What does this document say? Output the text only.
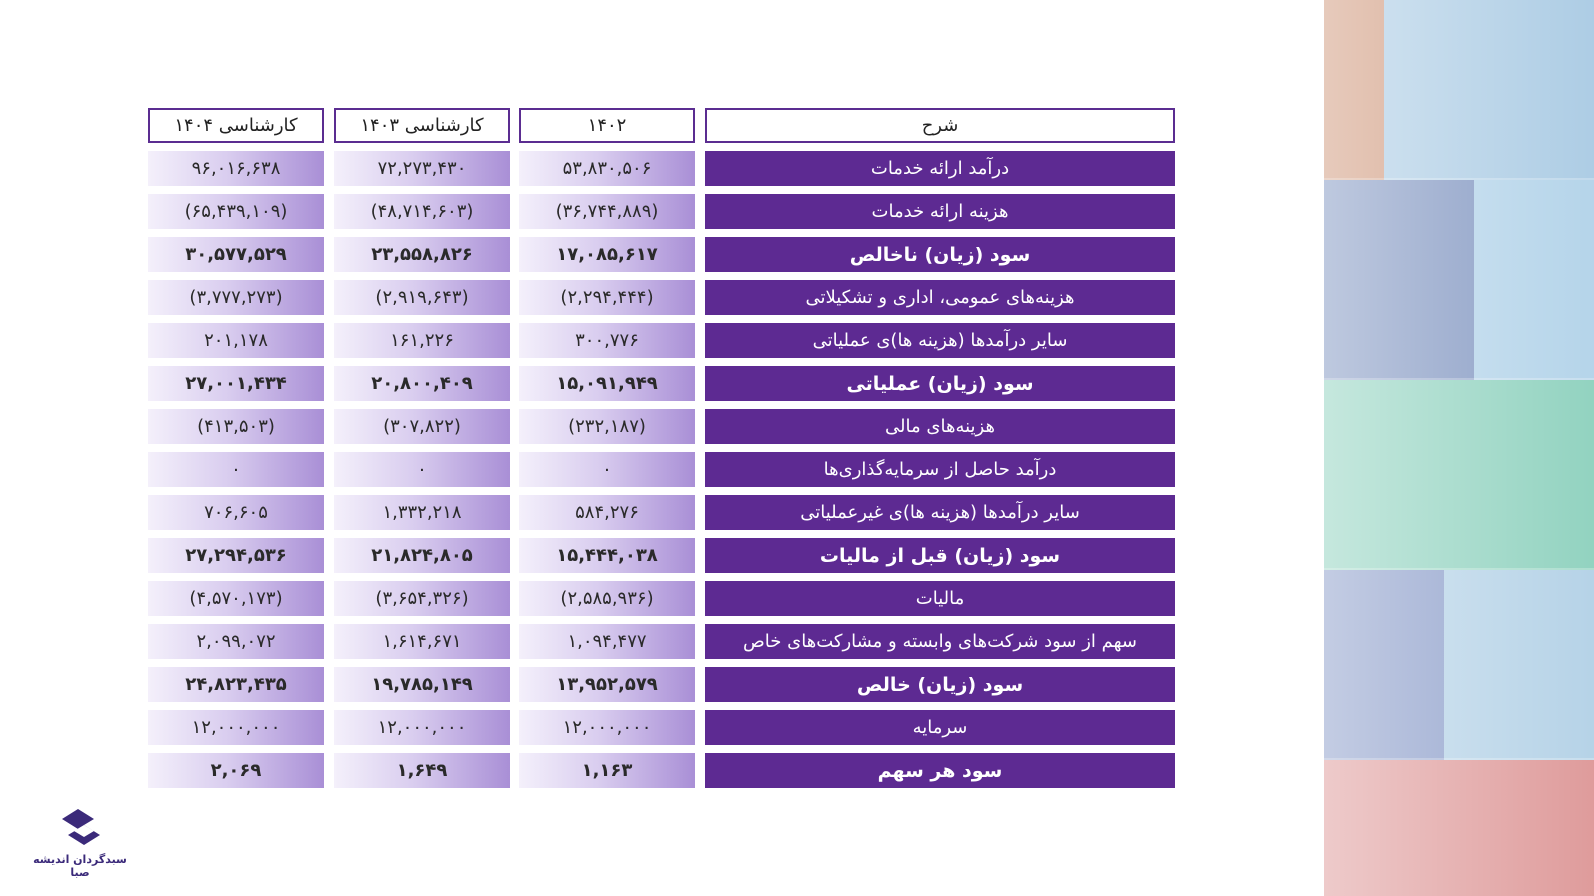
کارشناسی ۱۴۰۴	کارشناسی ۱۴۰۳	۱۴۰۲	شرح
۹۶,۰۱۶,۶۳۸	۷۲,۲۷۳,۴۳۰	۵۳,۸۳۰,۵۰۶	درآمد ارائه خدمات
(۶۵,۴۳۹,۱۰۹)	(۴۸,۷۱۴,۶۰۳)	(۳۶,۷۴۴,۸۸۹)	هزینه ارائه خدمات
۳۰,۵۷۷,۵۲۹	۲۳,۵۵۸,۸۲۶	۱۷,۰۸۵,۶۱۷	سود (زیان) ناخالص
(۳,۷۷۷,۲۷۳)	(۲,۹۱۹,۶۴۳)	(۲,۲۹۴,۴۴۴)	هزینه‌های عمومی، اداری و تشکیلاتی
۲۰۱,۱۷۸	۱۶۱,۲۲۶	۳۰۰,۷۷۶	سایر درآمدها (هزینه ها)ی عملیاتی
۲۷,۰۰۱,۴۳۴	۲۰,۸۰۰,۴۰۹	۱۵,۰۹۱,۹۴۹	سود (زیان) عملیاتی
(۴۱۳,۵۰۳)	(۳۰۷,۸۲۲)	(۲۳۲,۱۸۷)	هزینه‌های مالی
۰	۰	۰	درآمد حاصل از سرمایه‌گذاری‌ها
۷۰۶,۶۰۵	۱,۳۳۲,۲۱۸	۵۸۴,۲۷۶	سایر درآمدها (هزینه ها)ی غیرعملیاتی
۲۷,۲۹۴,۵۳۶	۲۱,۸۲۴,۸۰۵	۱۵,۴۴۴,۰۳۸	سود (زیان) قبل از مالیات
(۴,۵۷۰,۱۷۳)	(۳,۶۵۴,۳۲۶)	(۲,۵۸۵,۹۳۶)	مالیات
۲,۰۹۹,۰۷۲	۱,۶۱۴,۶۷۱	۱,۰۹۴,۴۷۷	سهم از سود شرکت‌های وابسته و مشارکت‌های خاص
۲۴,۸۲۳,۴۳۵	۱۹,۷۸۵,۱۴۹	۱۳,۹۵۲,۵۷۹	سود (زیان) خالص
۱۲,۰۰۰,۰۰۰	۱۲,۰۰۰,۰۰۰	۱۲,۰۰۰,۰۰۰	سرمایه
۲,۰۶۹	۱,۶۴۹	۱,۱۶۳	سود هر سهم
سبدگردان اندیشه صبا
